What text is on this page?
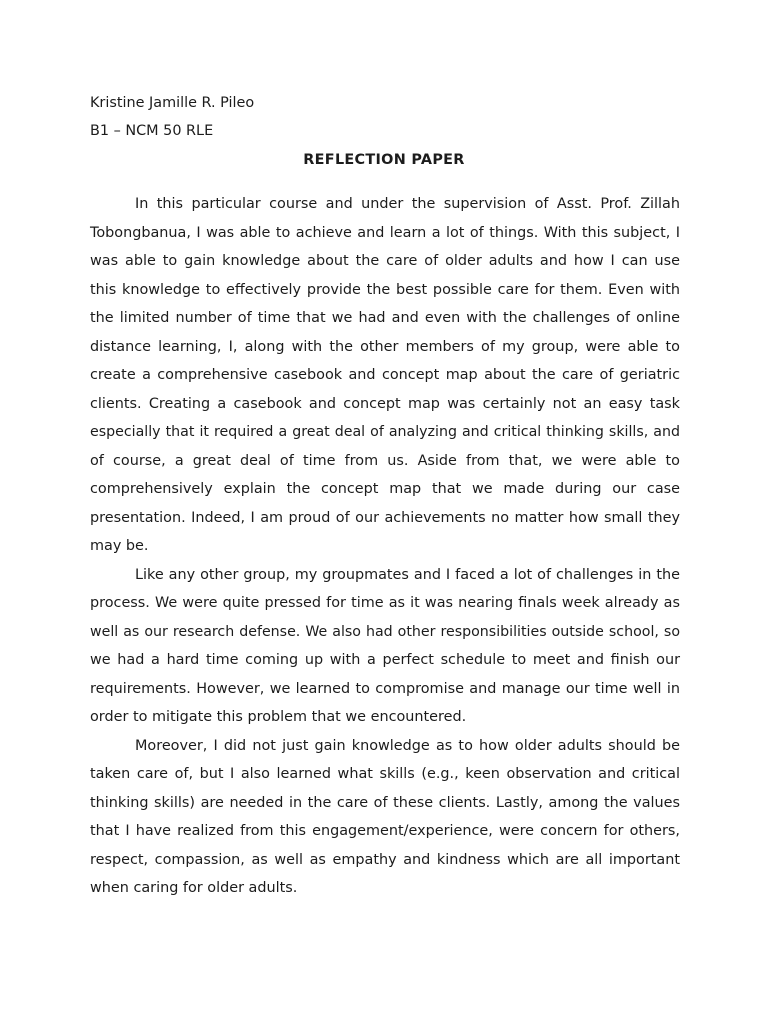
Kristine Jamille R. Pileo
B1 – NCM 50 RLE
REFLECTION PAPER
In this particular course and under the supervision of Asst. Prof. Zillah
Tobongbanua, I was able to achieve and learn a lot of things. With this subject, I
was able to gain knowledge about the care of older adults and how I can use
this knowledge to effectively provide the best possible care for them. Even with
the limited number of time that we had and even with the challenges of online
distance learning, I, along with the other members of my group, were able to
create a comprehensive casebook and concept map about the care of geriatric
clients. Creating a casebook and concept map was certainly not an easy task
especially that it required a great deal of analyzing and critical thinking skills, and
of course, a great deal of time from us. Aside from that, we were able to
comprehensively explain the concept map that we made during our case
presentation. Indeed, I am proud of our achievements no matter how small they
may be.
Like any other group, my groupmates and I faced a lot of challenges in the
process. We were quite pressed for time as it was nearing finals week already as
well as our research defense. We also had other responsibilities outside school, so
we had a hard time coming up with a perfect schedule to meet and finish our
requirements. However, we learned to compromise and manage our time well in
order to mitigate this problem that we encountered.
Moreover, I did not just gain knowledge as to how older adults should be
taken care of, but I also learned what skills (e.g., keen observation and critical
thinking skills) are needed in the care of these clients. Lastly, among the values
that I have realized from this engagement/experience, were concern for others,
respect, compassion, as well as empathy and kindness which are all important
when caring for older adults.
